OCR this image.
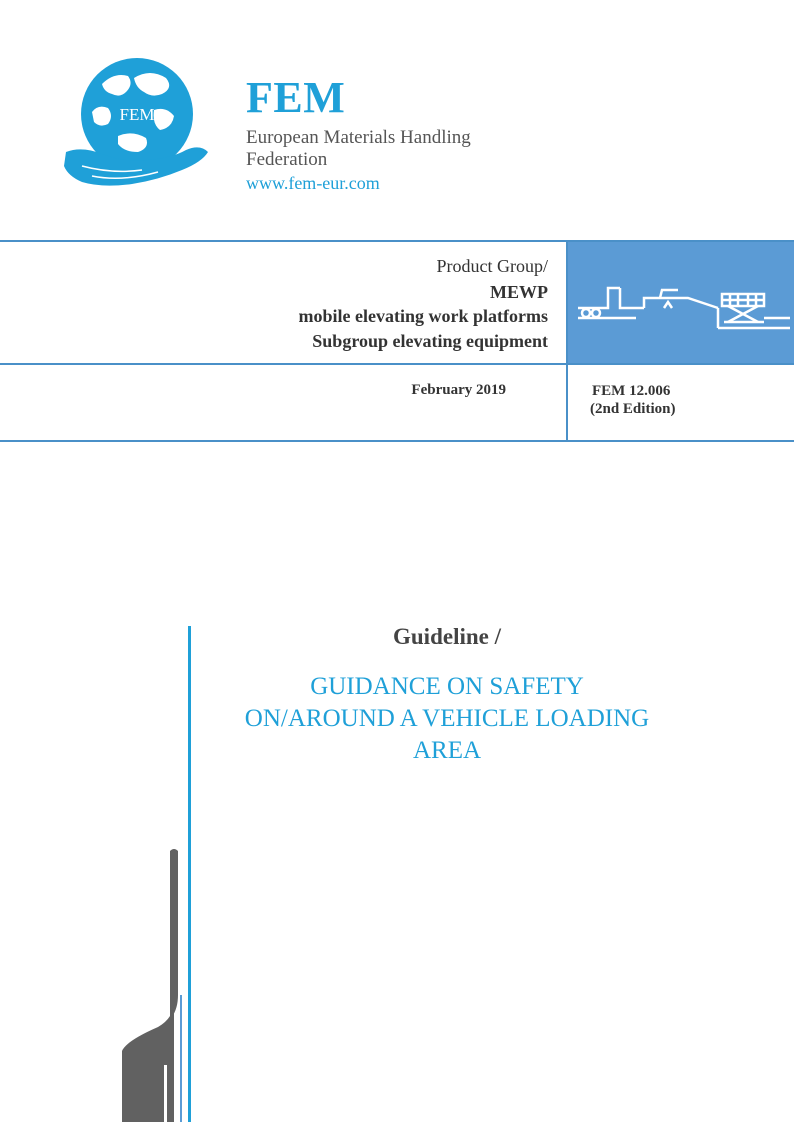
FEM FEM
European Materials Handling
Federation
www.fem-eur.com
Product Group/
MEWP
mobile elevating work platforms
Subgroup elevating equipment
February 2019	FEM 12.006
(2nd Edition)
Guideline /
GUIDANCE ON SAFETY
ON/AROUND A VEHICLE LOADING
AREA
